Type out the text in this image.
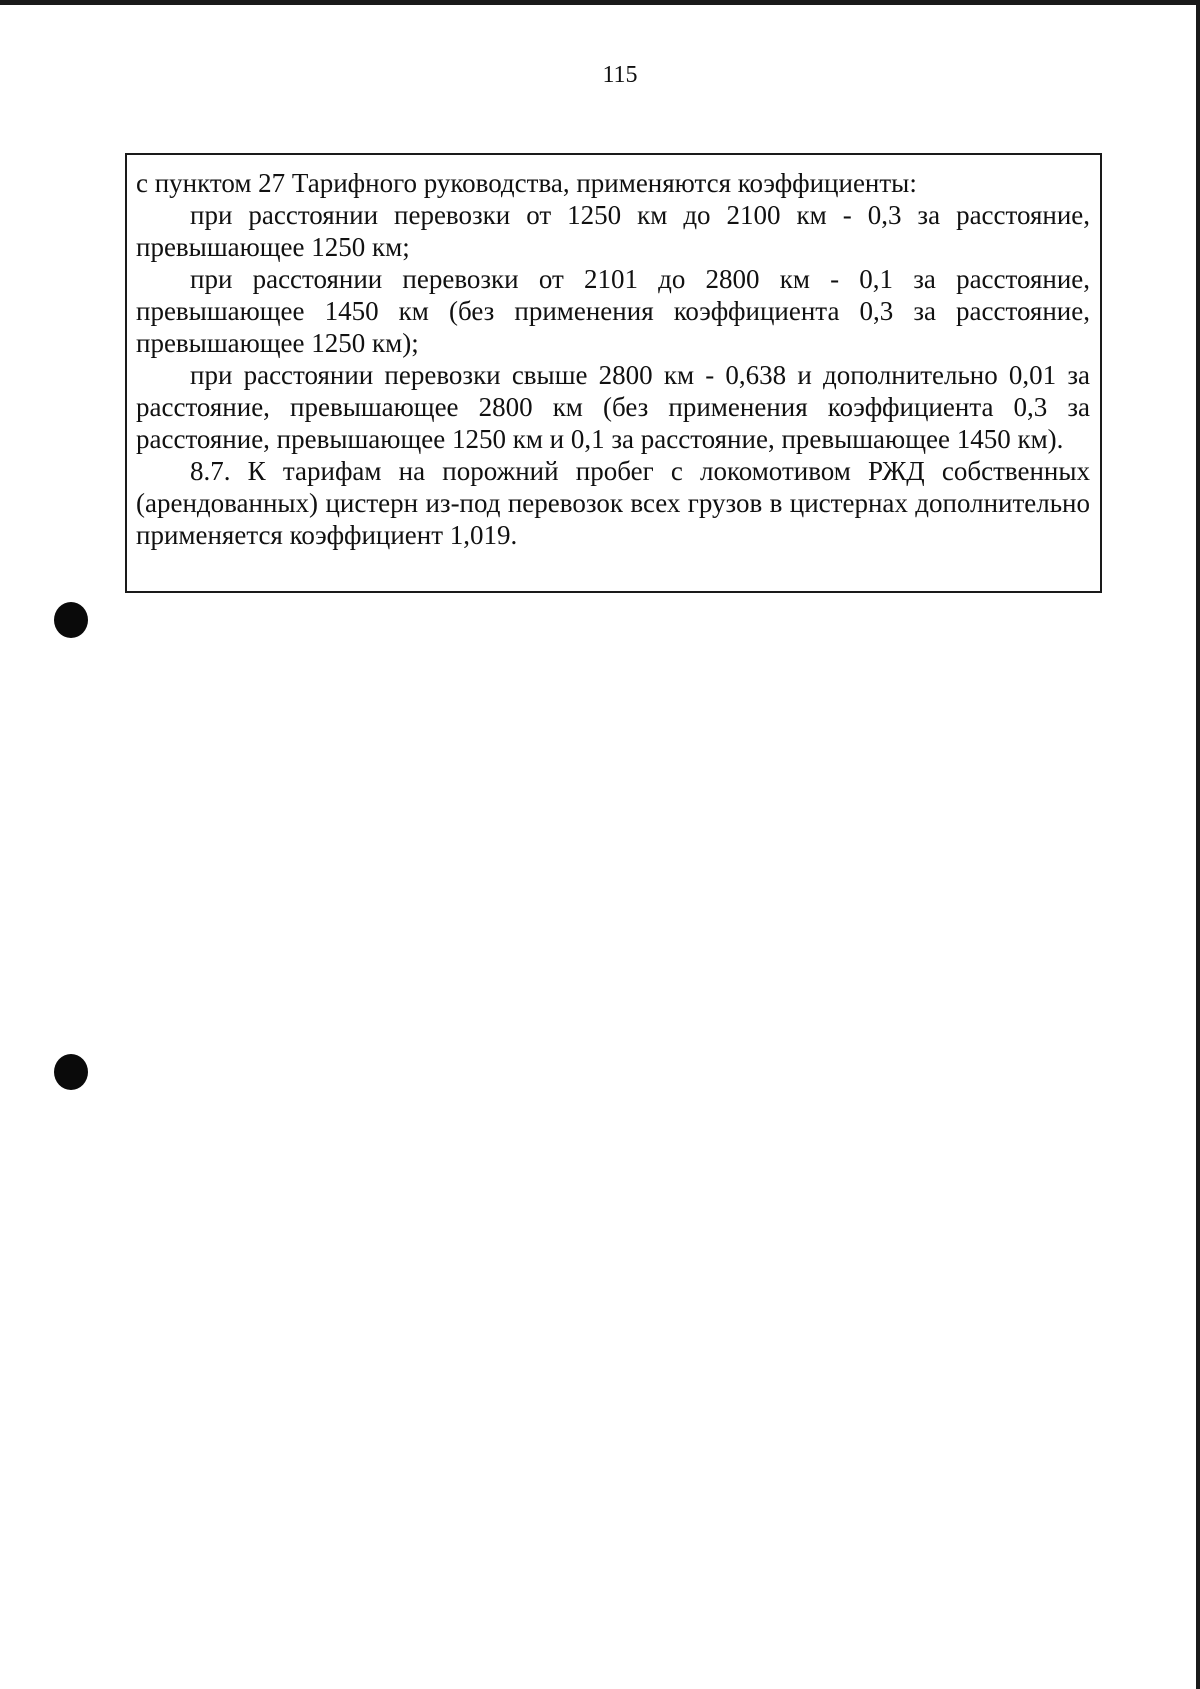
115

с пунктом 27 Тарифного руководства, применяются коэффициенты:

при расстоянии перевозки от 1250 км до 2100 км - 0,3 за расстояние, превышающее 1250 км;

при расстоянии перевозки от 2101 до 2800 км - 0,1 за расстояние, превышающее 1450 км (без применения коэффициента 0,3 за расстояние, превышающее 1250 км);

при расстоянии перевозки свыше 2800 км - 0,638 и дополнительно 0,01 за расстояние, превышающее 2800 км (без применения коэффициента 0,3 за расстояние, превышающее 1250 км и 0,1 за расстояние, превышающее 1450 км).

8.7. К тарифам на порожний пробег с локомотивом РЖД собственных (арендованных) цистерн из-под перевозок всех грузов в цистернах дополнительно применяется коэффициент 1,019.
